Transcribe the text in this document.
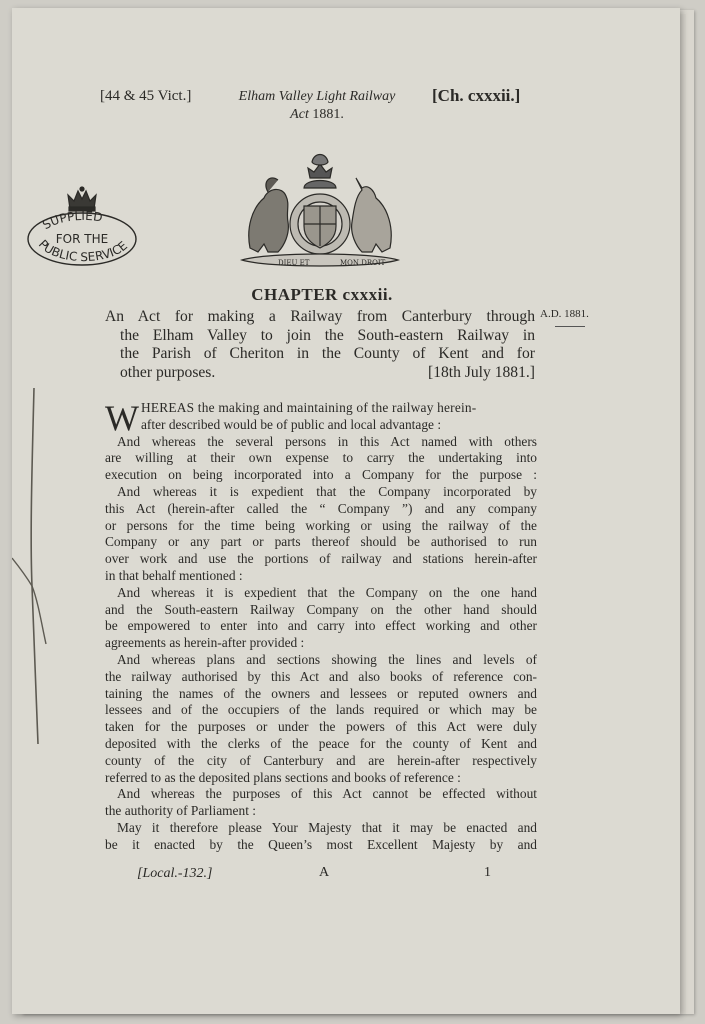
[44 & 45 Vict.]	Elham Valley Light Railway
Act 1881.
[Ch. cxxxii.]
SUPPLIED
FOR THE
PUBLIC SERVICE
DIEU ET	MON DROIT
CHAPTER cxxxii.
A.D. 1881.
An Act for making a Railway from Canterbury through
the Elham Valley to join the South-eastern Railway in
the Parish of Cheriton in the County of Kent and for
other purposes.	[18th July 1881.]
W HEREAS the making and maintaining of the railway herein-
after described would be of public and local advantage :
And whereas the several persons in this Act named with others
are willing at their own expense to carry the undertaking into
execution on being incorporated into a Company for the purpose :
And whereas it is expedient that the Company incorporated by
this Act (herein-after called the “ Company ”) and any company
or persons for the time being working or using the railway of the
Company or any part or parts thereof should be authorised to run
over work and use the portions of railway and stations herein-after
in that behalf mentioned :
And whereas it is expedient that the Company on the one hand
and the South-eastern Railway Company on the other hand should
be empowered to enter into and carry into effect working and other
agreements as herein-after provided :
And whereas plans and sections showing the lines and levels of
the railway authorised by this Act and also books of reference con-
taining the names of the owners and lessees or reputed owners and
lessees and of the occupiers of the lands required or which may be
taken for the purposes or under the powers of this Act were duly
deposited with the clerks of the peace for the county of Kent and
county of the city of Canterbury and are herein-after respectively
referred to as the deposited plans sections and books of reference :
And whereas the purposes of this Act cannot be effected without
the authority of Parliament :
May it therefore please Your Majesty that it may be enacted and
be it enacted by the Queen’s most Excellent Majesty by and
[Local.-132.]	A	1
